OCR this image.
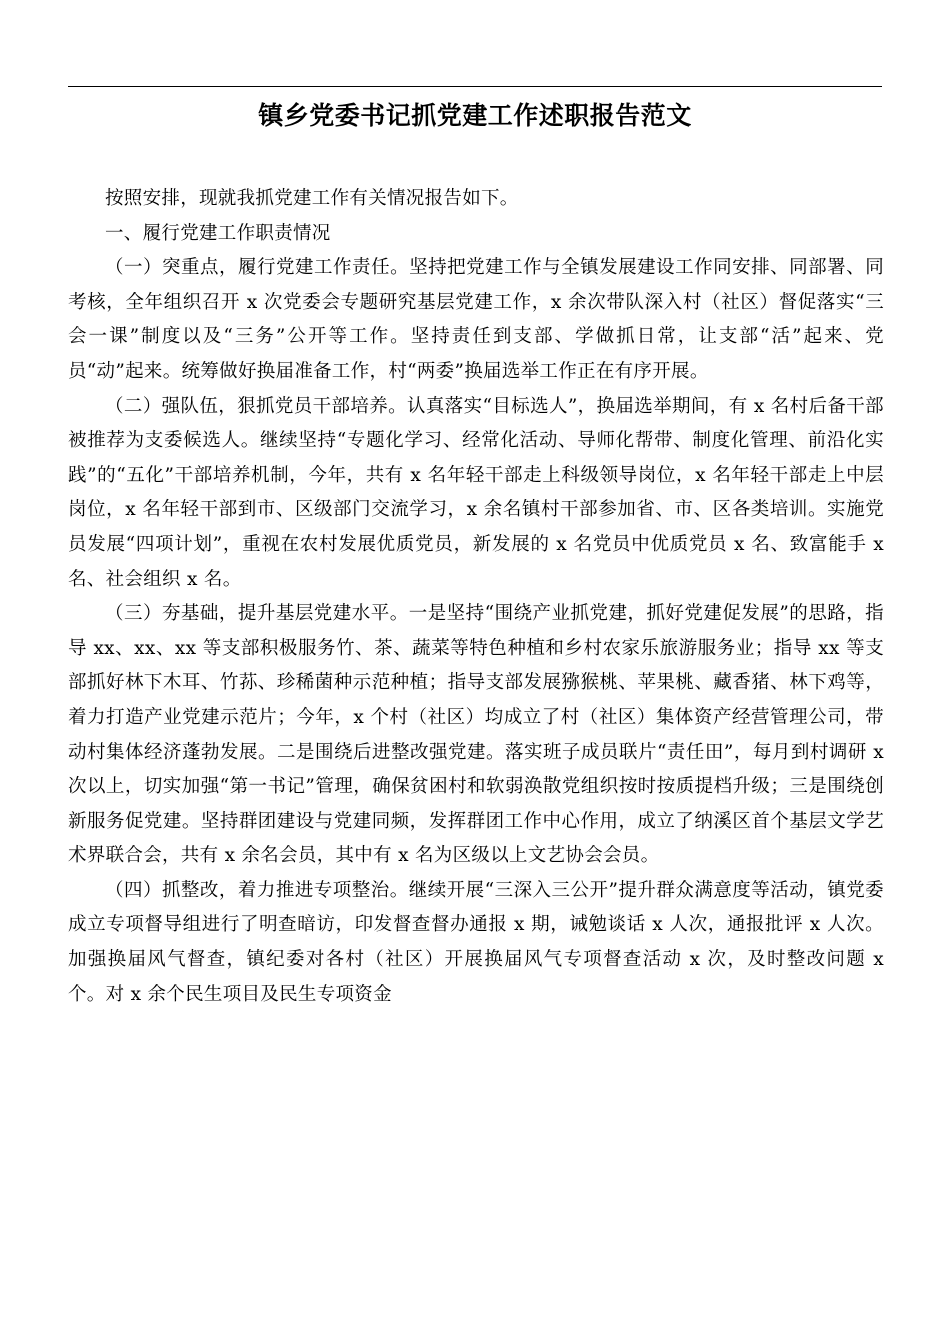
镇乡党委书记抓党建工作述职报告范文

按照安排，现就我抓党建工作有关情况报告如下。

一、履行党建工作职责情况

（一）突重点，履行党建工作责任。坚持把党建工作与全镇发展建设工作同安排、同部署、同考核，全年组织召开 x 次党委会专题研究基层党建工作，x 余次带队深入村（社区）督促落实“三会一课”制度以及“三务”公开等工作。坚持责任到支部、学做抓日常，让支部“活”起来、党员“动”起来。统筹做好换届准备工作，村“两委”换届选举工作正在有序开展。

（二）强队伍，狠抓党员干部培养。认真落实“目标选人”，换届选举期间，有 x 名村后备干部被推荐为支委候选人。继续坚持“专题化学习、经常化活动、导师化帮带、制度化管理、前沿化实践”的“五化”干部培养机制，今年，共有 x 名年轻干部走上科级领导岗位，x 名年轻干部走上中层岗位，x 名年轻干部到市、区级部门交流学习，x 余名镇村干部参加省、市、区各类培训。实施党员发展“四项计划”，重视在农村发展优质党员，新发展的 x 名党员中优质党员 x 名、致富能手 x 名、社会组织 x 名。

（三）夯基础，提升基层党建水平。一是坚持“围绕产业抓党建，抓好党建促发展”的思路，指导 xx、xx、xx 等支部积极服务竹、茶、蔬菜等特色种植和乡村农家乐旅游服务业；指导 xx 等支部抓好林下木耳、竹荪、珍稀菌种示范种植；指导支部发展猕猴桃、苹果桃、藏香猪、林下鸡等，着力打造产业党建示范片；今年，x 个村（社区）均成立了村（社区）集体资产经营管理公司，带动村集体经济蓬勃发展。二是围绕后进整改强党建。落实班子成员联片“责任田”，每月到村调研 x 次以上，切实加强“第一书记”管理，确保贫困村和软弱涣散党组织按时按质提档升级；三是围绕创新服务促党建。坚持群团建设与党建同频，发挥群团工作中心作用，成立了纳溪区首个基层文学艺术界联合会，共有 x 余名会员，其中有 x 名为区级以上文艺协会会员。

（四）抓整改，着力推进专项整治。继续开展“三深入三公开”提升群众满意度等活动，镇党委成立专项督导组进行了明查暗访，印发督查督办通报 x 期，诫勉谈话 x 人次，通报批评 x 人次。加强换届风气督查，镇纪委对各村（社区）开展换届风气专项督查活动 x 次，及时整改问题 x 个。对 x 余个民生项目及民生专项资金
